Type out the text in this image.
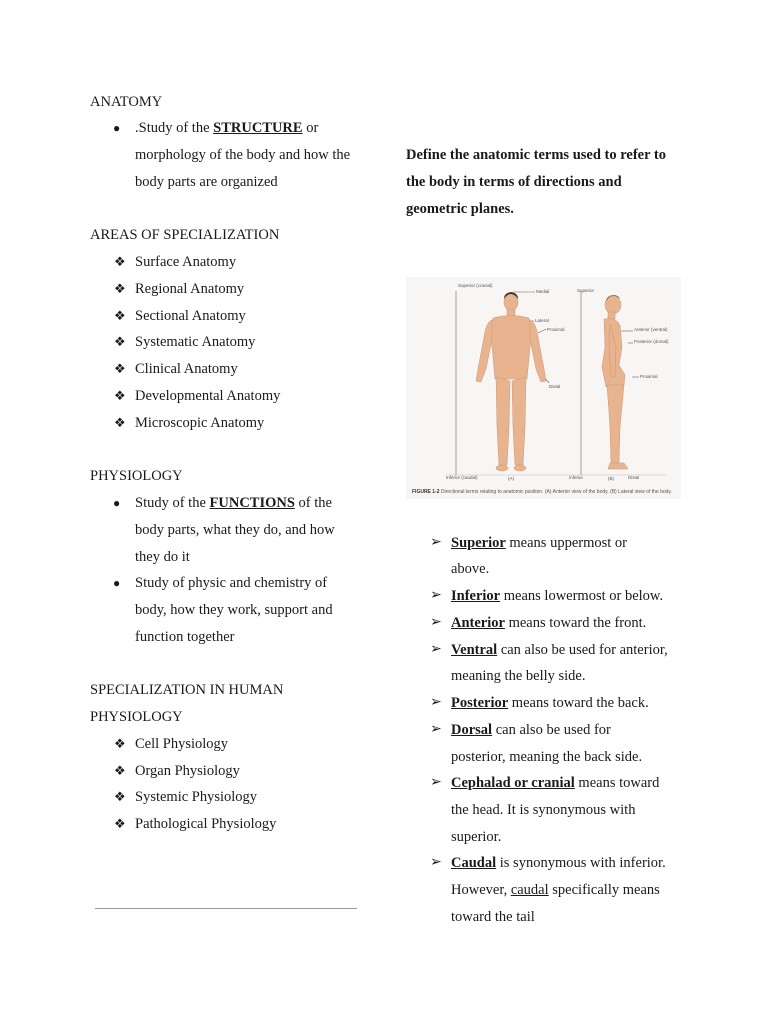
ANATOMY
● .Study of the STRUCTURE or
morphology of the body and how the
body parts are organized
AREAS OF SPECIALIZATION
❖ Surface Anatomy
❖ Regional Anatomy
❖ Sectional Anatomy
❖ Systematic Anatomy
❖ Clinical Anatomy
❖ Developmental Anatomy
❖ Microscopic Anatomy
PHYSIOLOGY
● Study of the FUNCTIONS of the
body parts, what they do, and how
they do it
● Study of physic and chemistry of
body, how they work, support and
function together
SPECIALIZATION IN HUMAN
PHYSIOLOGY
❖ Cell Physiology
❖ Organ Physiology
❖ Systemic Physiology
❖ Pathological Physiology
Define the anatomic terms used to refer to
the body in terms of directions and
geometric planes.
Superior (cranial)
Medial
Lateral
Proximal
Distal
Inferior (caudal)	(A)
Superior
Anterior (ventral)
Posterior (dorsal)
Proximal
Inferior	(B)	Distal
FIGURE 1-2 Directional terms relating to anatomic position. (A) Anterior view of the body. (B) Lateral view of the body.
➢ Superior means uppermost or
above.
➢ Inferior means lowermost or below.
➢ Anterior means toward the front.
➢ Ventral can also be used for anterior,
meaning the belly side.
➢ Posterior means toward the back.
➢ Dorsal can also be used for
posterior, meaning the back side.
➢ Cephalad or cranial means toward
the head. It is synonymous with
superior.
➢ Caudal is synonymous with inferior.
However, caudal specifically means
toward the tail
